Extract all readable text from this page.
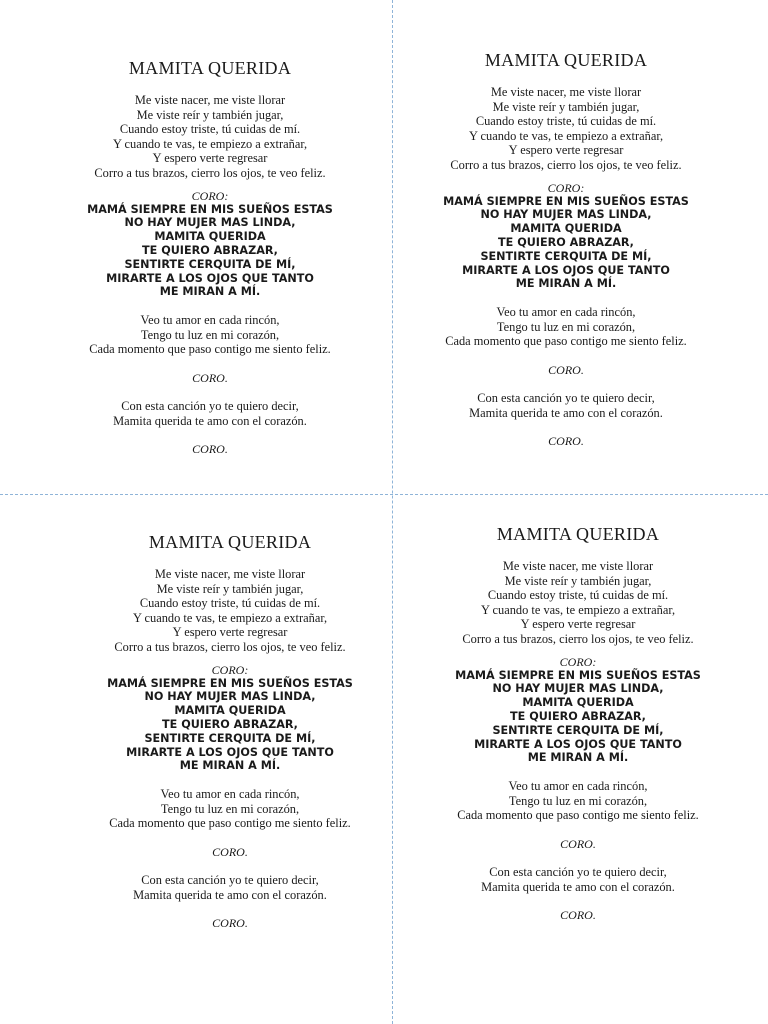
MAMITA QUERIDA
Me viste nacer, me viste llorar
Me viste reír y también jugar,
Cuando estoy triste, tú cuidas de mí.
Y cuando te vas, te empiezo a extrañar,
Y espero verte regresar
Corro a tus brazos, cierro los ojos, te veo feliz.
CORO:
MAMÁ SIEMPRE EN MIS SUEÑOS ESTAS
NO HAY MUJER MAS LINDA,
MAMITA QUERIDA
TE QUIERO ABRAZAR,
SENTIRTE CERQUITA DE MÍ,
MIRARTE A LOS OJOS QUE TANTO
ME MIRAN A MÍ.
Veo tu amor en cada rincón,
Tengo tu luz en mi corazón,
Cada momento que paso contigo me siento feliz.
CORO.
Con esta canción yo te quiero decir,
Mamita querida te amo con el corazón.
CORO.
MAMITA QUERIDA
Me viste nacer, me viste llorar
Me viste reír y también jugar,
Cuando estoy triste, tú cuidas de mí.
Y cuando te vas, te empiezo a extrañar,
Y espero verte regresar
Corro a tus brazos, cierro los ojos, te veo feliz.
CORO:
MAMÁ SIEMPRE EN MIS SUEÑOS ESTAS
NO HAY MUJER MAS LINDA,
MAMITA QUERIDA
TE QUIERO ABRAZAR,
SENTIRTE CERQUITA DE MÍ,
MIRARTE A LOS OJOS QUE TANTO
ME MIRAN A MÍ.
Veo tu amor en cada rincón,
Tengo tu luz en mi corazón,
Cada momento que paso contigo me siento feliz.
CORO.
Con esta canción yo te quiero decir,
Mamita querida te amo con el corazón.
CORO.
MAMITA QUERIDA
Me viste nacer, me viste llorar
Me viste reír y también jugar,
Cuando estoy triste, tú cuidas de mí.
Y cuando te vas, te empiezo a extrañar,
Y espero verte regresar
Corro a tus brazos, cierro los ojos, te veo feliz.
CORO:
MAMÁ SIEMPRE EN MIS SUEÑOS ESTAS
NO HAY MUJER MAS LINDA,
MAMITA QUERIDA
TE QUIERO ABRAZAR,
SENTIRTE CERQUITA DE MÍ,
MIRARTE A LOS OJOS QUE TANTO
ME MIRAN A MÍ.
Veo tu amor en cada rincón,
Tengo tu luz en mi corazón,
Cada momento que paso contigo me siento feliz.
CORO.
Con esta canción yo te quiero decir,
Mamita querida te amo con el corazón.
CORO.
MAMITA QUERIDA
Me viste nacer, me viste llorar
Me viste reír y también jugar,
Cuando estoy triste, tú cuidas de mí.
Y cuando te vas, te empiezo a extrañar,
Y espero verte regresar
Corro a tus brazos, cierro los ojos, te veo feliz.
CORO:
MAMÁ SIEMPRE EN MIS SUEÑOS ESTAS
NO HAY MUJER MAS LINDA,
MAMITA QUERIDA
TE QUIERO ABRAZAR,
SENTIRTE CERQUITA DE MÍ,
MIRARTE A LOS OJOS QUE TANTO
ME MIRAN A MÍ.
Veo tu amor en cada rincón,
Tengo tu luz en mi corazón,
Cada momento que paso contigo me siento feliz.
CORO.
Con esta canción yo te quiero decir,
Mamita querida te amo con el corazón.
CORO.
